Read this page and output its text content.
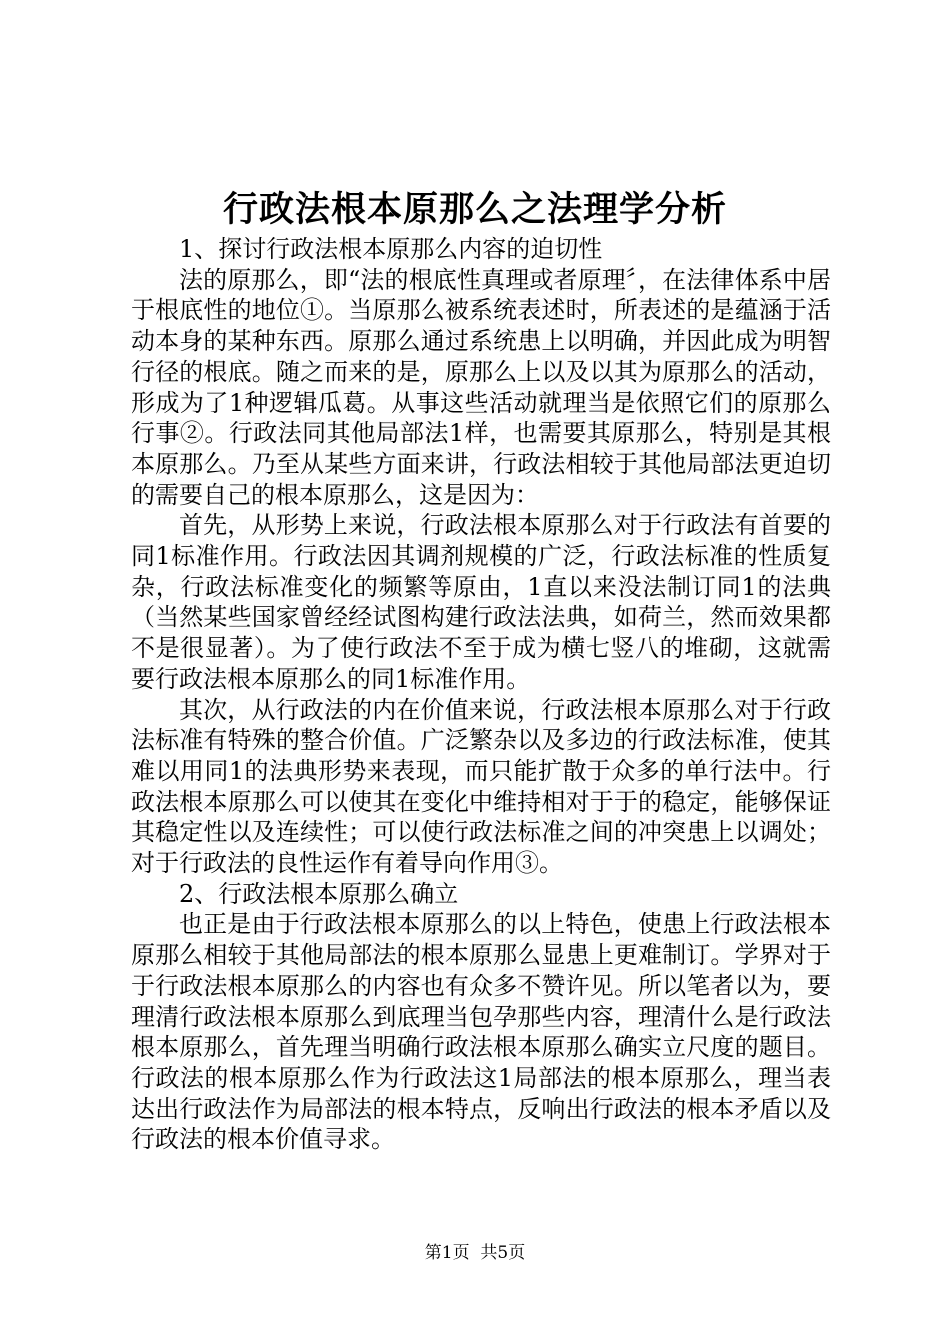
行政法根本原那么之法理学分析

1、探讨行政法根本原那么内容的迫切性

法的原那么，即“法的根底性真理或者原理〞，在法律体系中居于根底性的地位①。当原那么被系统表述时，所表述的是蕴涵于活动本身的某种东西。原那么通过系统患上以明确，并因此成为明智行径的根底。随之而来的是，原那么上以及以其为原那么的活动，形成为了1种逻辑瓜葛。从事这些活动就理当是依照它们的原那么行事②。行政法同其他局部法1样，也需要其原那么，特别是其根本原那么。乃至从某些方面来讲，行政法相较于其他局部法更迫切的需要自己的根本原那么，这是因为：

首先，从形势上来说，行政法根本原那么对于行政法有首要的同1标准作用。行政法因其调剂规模的广泛，行政法标准的性质复杂，行政法标准变化的频繁等原由，1直以来没法制订同1的法典（当然某些国家曾经经试图构建行政法法典，如荷兰，然而效果都不是很显著）。为了使行政法不至于成为横七竖八的堆砌，这就需要行政法根本原那么的同1标准作用。

其次，从行政法的内在价值来说，行政法根本原那么对于行政法标准有特殊的整合价值。广泛繁杂以及多边的行政法标准，使其难以用同1的法典形势来表现，而只能扩散于众多的单行法中。行政法根本原那么可以使其在变化中维持相对于于的稳定，能够保证其稳定性以及连续性；可以使行政法标准之间的冲突患上以调处；对于行政法的良性运作有着导向作用③。

2、行政法根本原那么确立

也正是由于行政法根本原那么的以上特色，使患上行政法根本原那么相较于其他局部法的根本原那么显患上更难制订。学界对于于行政法根本原那么的内容也有众多不赞许见。所以笔者以为，要理清行政法根本原那么到底理当包孕那些内容，理清什么是行政法根本原那么，首先理当明确行政法根本原那么确实立尺度的题目。行政法的根本原那么作为行政法这1局部法的根本原那么，理当表达出行政法作为局部法的根本特点，反响出行政法的根本矛盾以及行政法的根本价值寻求。

第1页 共5页
